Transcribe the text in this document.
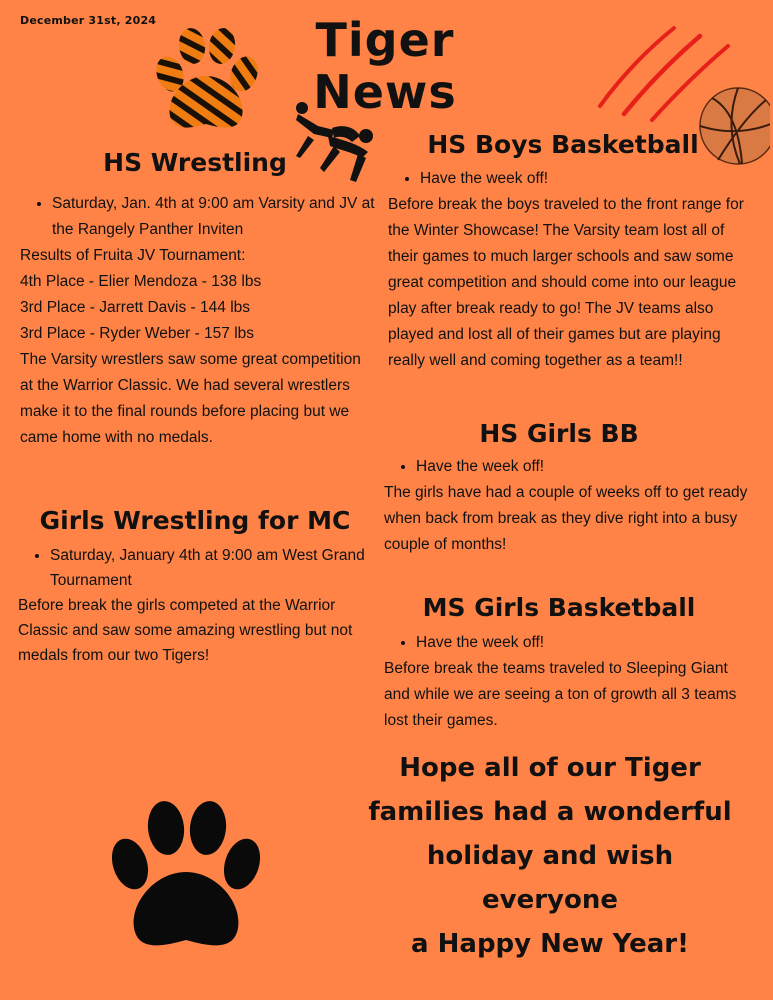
December 31st, 2024	Tiger
News
HS Wrestling
• Saturday, Jan. 4th at 9:00 am Varsity and JV at the Rangely Panther Inviten

Results of Fruita JV Tournament:

4th Place - Elier Mendoza - 138 lbs

3rd Place - Jarrett Davis - 144 lbs

3rd Place - Ryder Weber - 157 lbs

The Varsity wrestlers saw some great competition at the Warrior Classic. We had several wrestlers make it to the final rounds before placing but we came home with no medals.

Girls Wrestling for MC
• Saturday, January 4th at 9:00 am West Grand Tournament

Before break the girls competed at the Warrior Classic and saw some amazing wrestling but not medals from our two Tigers!

HS Boys Basketball
• Have the week off!

Before break the boys traveled to the front range for the Winter Showcase! The Varsity team lost all of their games to much larger schools and saw some great competition and should come into our league play after break ready to go! The JV teams also played and lost all of their games but are playing really well and coming together as a team!!

HS Girls BB
• Have the week off!

The girls have had a couple of weeks off to get ready when back from break as they dive right into a busy couple of months!

MS Girls Basketball
• Have the week off!

Before break the teams traveled to Sleeping Giant and while we are seeing a ton of growth all 3 teams lost their games.

Hope all of our Tiger
families had a wonderful
holiday and wish everyone
a Happy New Year!
